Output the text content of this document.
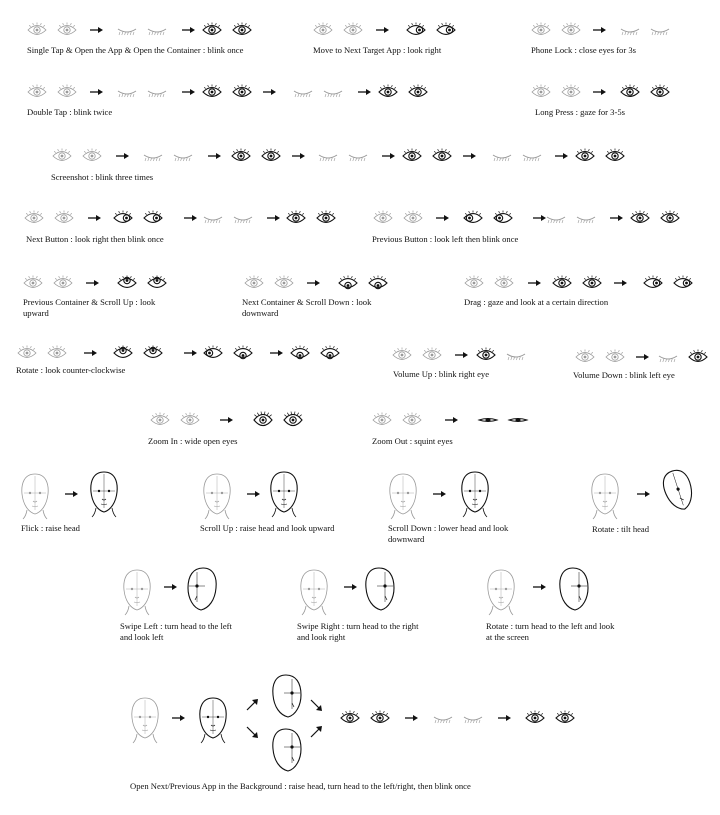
Single Tap & Open the App & Open the Container : blink once	Move to Next Target App : look right	Phone Lock : close eyes for 3s
Double Tap : blink twice	Long Press : gaze for 3-5s
Screenshot : blink three times
Next Button : look right then blink once	Previous Button : look left then blink once
Previous Container & Scroll Up : look upward
Next Container & Scroll Down : look downward
Drag : gaze and look at a certain direction
Rotate : look counter-clockwise	Volume Up : blink right eye	Volume Down : blink left eye
Zoom In : wide open eyes	Zoom Out : squint eyes
Flick : raise head	Scroll Up : raise head and look upward	Scroll Down : lower head and look downward
Rotate : tilt head
Swipe Left : turn head to the left and look left
Swipe Right : turn head to the right and look right
Rotate : turn head to the left and look at the screen
Open Next/Previous App in the Background : raise head, turn head to the left/right, then blink once
